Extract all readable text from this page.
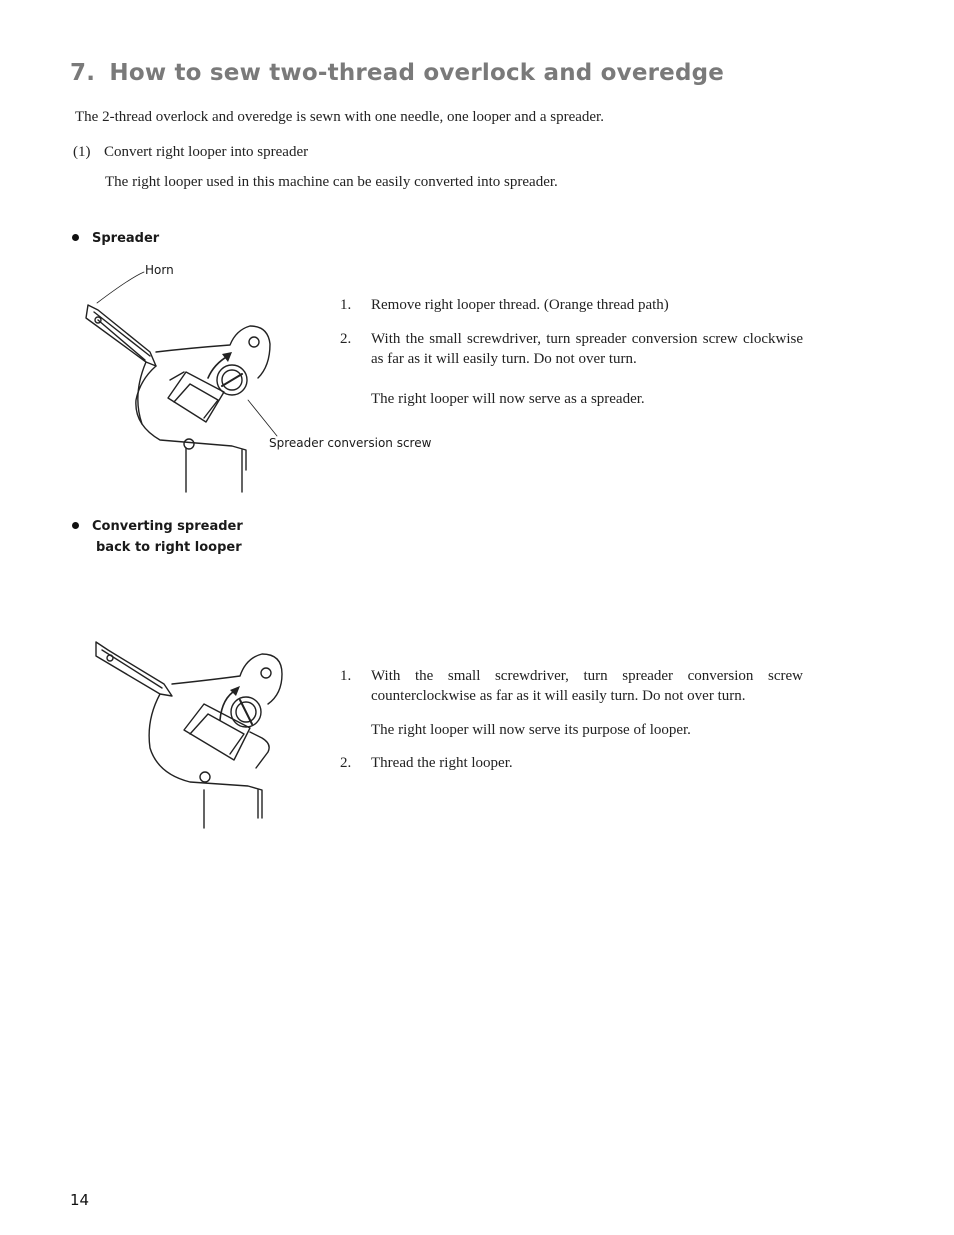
7. How to sew two-thread overlock and overedge
The 2-thread overlock and overedge is sewn with one needle, one looper and a spreader.
(1) Convert right looper into spreader
The right looper used in this machine can be easily converted into spreader.
Spreader
Horn
Spreader conversion screw
1. Remove right looper thread. (Orange thread path)
2. With the small screwdriver, turn spreader conversion screw clockwise as far as it will easily turn. Do not over turn.
The right looper will now serve as a spreader.
Converting spreader
back to right looper
1. With the small screwdriver, turn spreader conversion screw counterclockwise as far as it will easily turn. Do not over turn.
The right looper will now serve its purpose of looper.
2. Thread the right looper.
14
